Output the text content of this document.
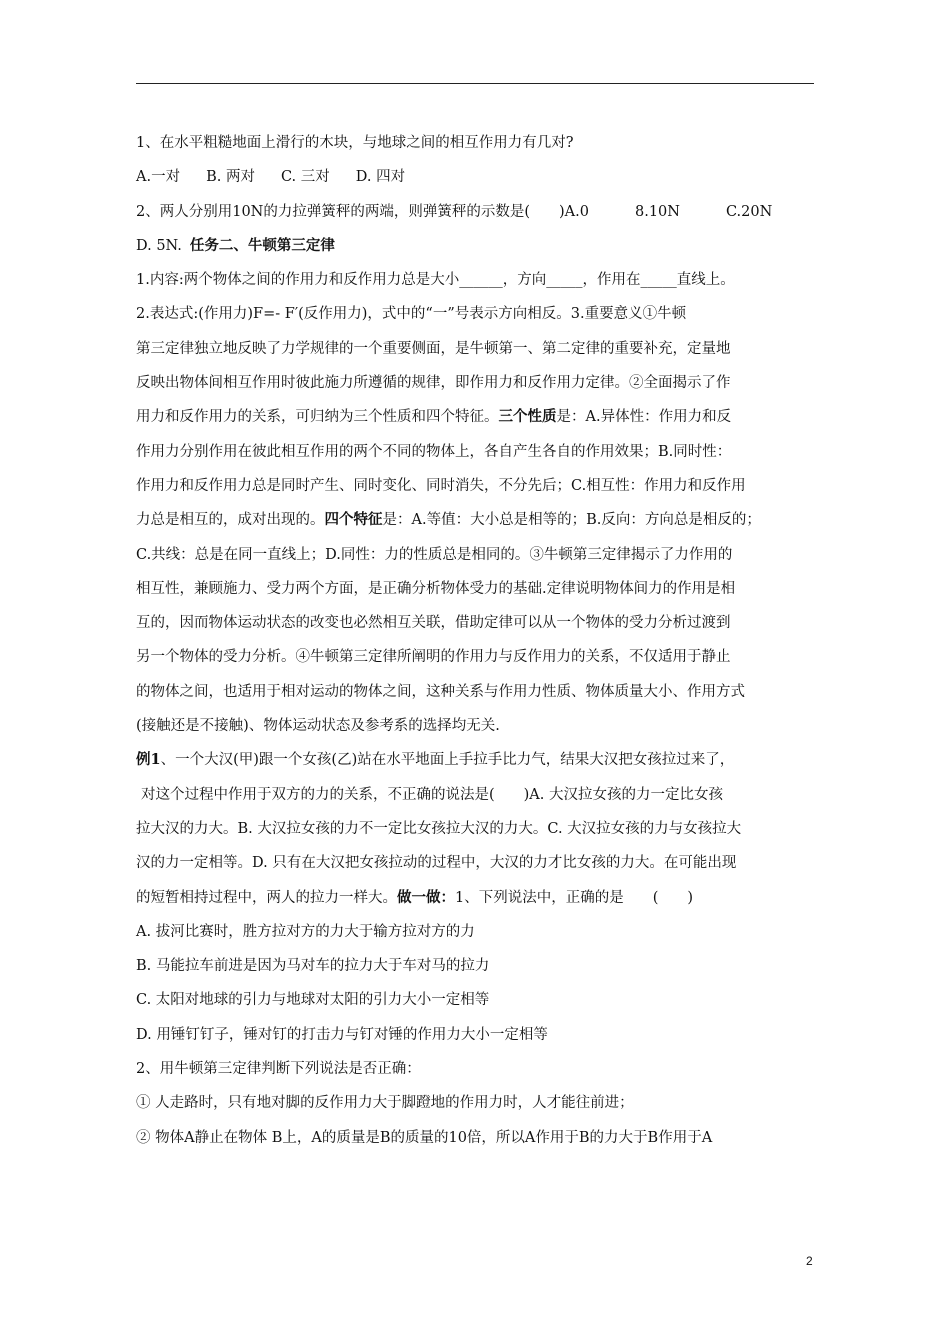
1、在水平粗糙地面上滑行的木块，与地球之间的相互作用力有几对?
A.一对 B. 两对 C. 三对 D. 四对
2、两人分别用10N的力拉弹簧秤的两端，则弹簧秤的示数是(　　)A.0	8.10N	C.20N
D. 5N. 任务二、牛顿第三定律
1.内容:两个物体之间的作用力和反作用力总是大小______，方向_____，作用在_____直线上。
2.表达式:(作用力)F=- F′(反作用力)，式中的“一”号表示方向相反。3.重要意义①牛顿
第三定律独立地反映了力学规律的一个重要侧面，是牛顿第一、第二定律的重要补充，定量地
反映出物体间相互作用时彼此施力所遵循的规律，即作用力和反作用力定律。②全面揭示了作
用力和反作用力的关系，可归纳为三个性质和四个特征。三个性质是：A.异体性：作用力和反
作用力分别作用在彼此相互作用的两个不同的物体上，各自产生各自的作用效果；B.同时性：
作用力和反作用力总是同时产生、同时变化、同时消失，不分先后；C.相互性：作用力和反作用
力总是相互的，成对出现的。四个特征是：A.等值：大小总是相等的；B.反向：方向总是相反的；
C.共线：总是在同一直线上；D.同性：力的性质总是相同的。③牛顿第三定律揭示了力作用的
相互性，兼顾施力、受力两个方面，是正确分析物体受力的基础.定律说明物体间力的作用是相
互的，因而物体运动状态的改变也必然相互关联，借助定律可以从一个物体的受力分析过渡到
另一个物体的受力分析。④牛顿第三定律所阐明的作用力与反作用力的关系，不仅适用于静止
的物体之间，也适用于相对运动的物体之间，这种关系与作用力性质、物体质量大小、作用方式
(接触还是不接触)、物体运动状态及参考系的选择均无关.
例1、一个大汉(甲)跟一个女孩(乙)站在水平地面上手拉手比力气，结果大汉把女孩拉过来了，
对这个过程中作用于双方的力的关系，不正确的说法是(　　)A. 大汉拉女孩的力一定比女孩
拉大汉的力大。B. 大汉拉女孩的力不一定比女孩拉大汉的力大。C. 大汉拉女孩的力与女孩拉大
汉的力一定相等。D. 只有在大汉把女孩拉动的过程中，大汉的力才比女孩的力大。在可能出现
的短暂相持过程中，两人的拉力一样大。做一做：1、下列说法中，正确的是　　(　　)
A. 拔河比赛时，胜方拉对方的力大于输方拉对方的力
B. 马能拉车前进是因为马对车的拉力大于车对马的拉力
C. 太阳对地球的引力与地球对太阳的引力大小一定相等
D. 用锤钉钉子，锤对钉的打击力与钉对锤的作用力大小一定相等
2、用牛顿第三定律判断下列说法是否正确：
① 人走路时，只有地对脚的反作用力大于脚蹬地的作用力时，人才能往前进；
② 物体A静止在物体 B上，A的质量是B的质量的10倍，所以A作用于B的力大于B作用于A
2
